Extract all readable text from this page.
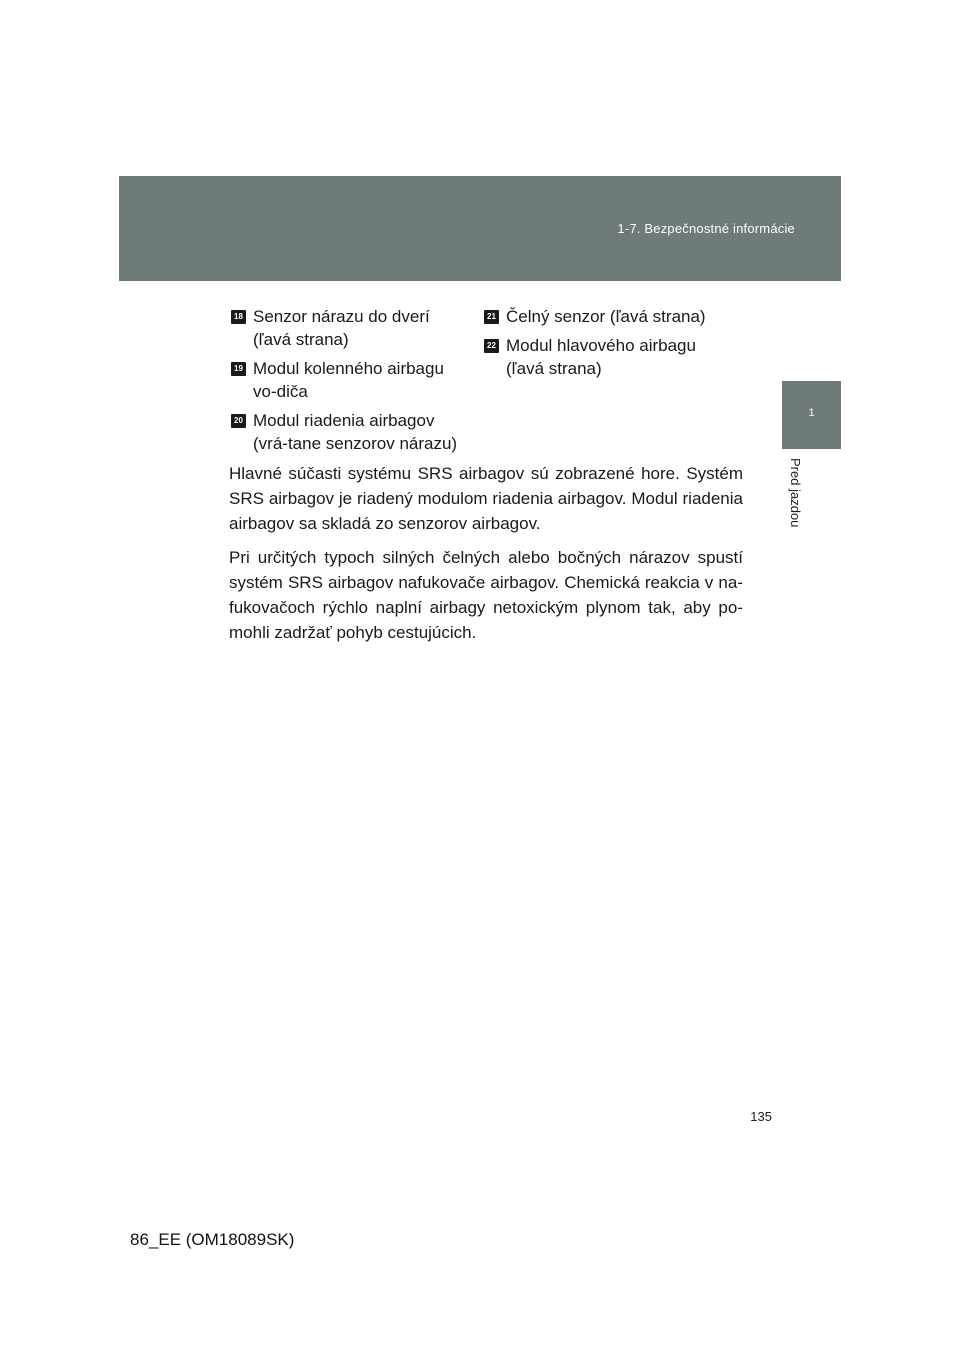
1-7. Bezpečnostné informácie
1
Pred jazdou
18 Senzor nárazu do dverí (ľavá strana)
19 Modul kolenného airbagu vo-diča
20 Modul riadenia airbagov (vrá-tane senzorov nárazu)
21 Čelný senzor (ľavá strana)
22 Modul hlavového airbagu (ľavá strana)

Hlavné súčasti systému SRS airbagov sú zobrazené hore. Systém SRS airbagov je riadený modulom riadenia airbagov. Modul riadenia airbagov sa skladá zo senzorov airbagov.

Pri určitých typoch silných čelných alebo bočných nárazov spustí systém SRS airbagov nafukovače airbagov. Chemická reakcia v na-fukovačoch rýchlo naplní airbagy netoxickým plynom tak, aby po-mohli zadržať pohyb cestujúcich.

135
86_EE (OM18089SK)
